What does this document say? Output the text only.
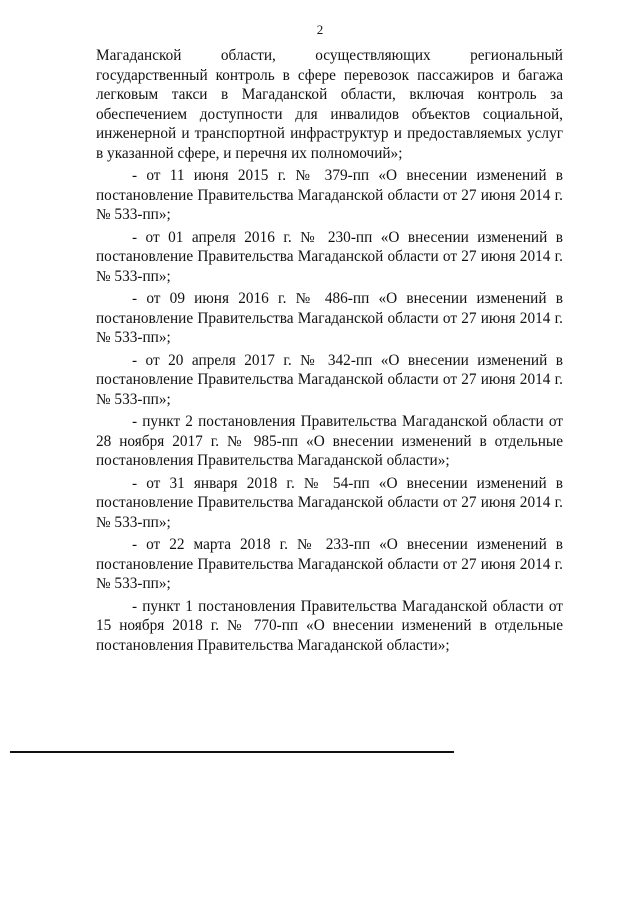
2

Магаданской области, осуществляющих региональный государственный контроль в сфере перевозок пассажиров и багажа легковым такси в Магаданской области, включая контроль за обеспечением доступности для инвалидов объектов социальной, инженерной и транспортной инфраструктур и предоставляемых услуг в указанной сфере, и перечня их полномочий»;

- от 11 июня 2015 г. № 379-пп «О внесении изменений в постановление Правительства Магаданской области от 27 июня 2014 г. № 533-пп»;

- от 01 апреля 2016 г. № 230-пп «О внесении изменений в постановление Правительства Магаданской области от 27 июня 2014 г. № 533-пп»;

- от 09 июня 2016 г. № 486-пп «О внесении изменений в постановление Правительства Магаданской области от 27 июня 2014 г. № 533-пп»;

- от 20 апреля 2017 г. № 342-пп «О внесении изменений в постановление Правительства Магаданской области от 27 июня 2014 г. № 533-пп»;

- пункт 2 постановления Правительства Магаданской области от 28 ноября 2017 г. № 985-пп «О внесении изменений в отдельные постановления Правительства Магаданской области»;

- от 31 января 2018 г. № 54-пп «О внесении изменений в постановление Правительства Магаданской области от 27 июня 2014 г. № 533-пп»;

- от 22 марта 2018 г. № 233-пп «О внесении изменений в постановление Правительства Магаданской области от 27 июня 2014 г. № 533-пп»;

- пункт 1 постановления Правительства Магаданской области от 15 ноября 2018 г. № 770-пп «О внесении изменений в отдельные постановления Правительства Магаданской области»;
